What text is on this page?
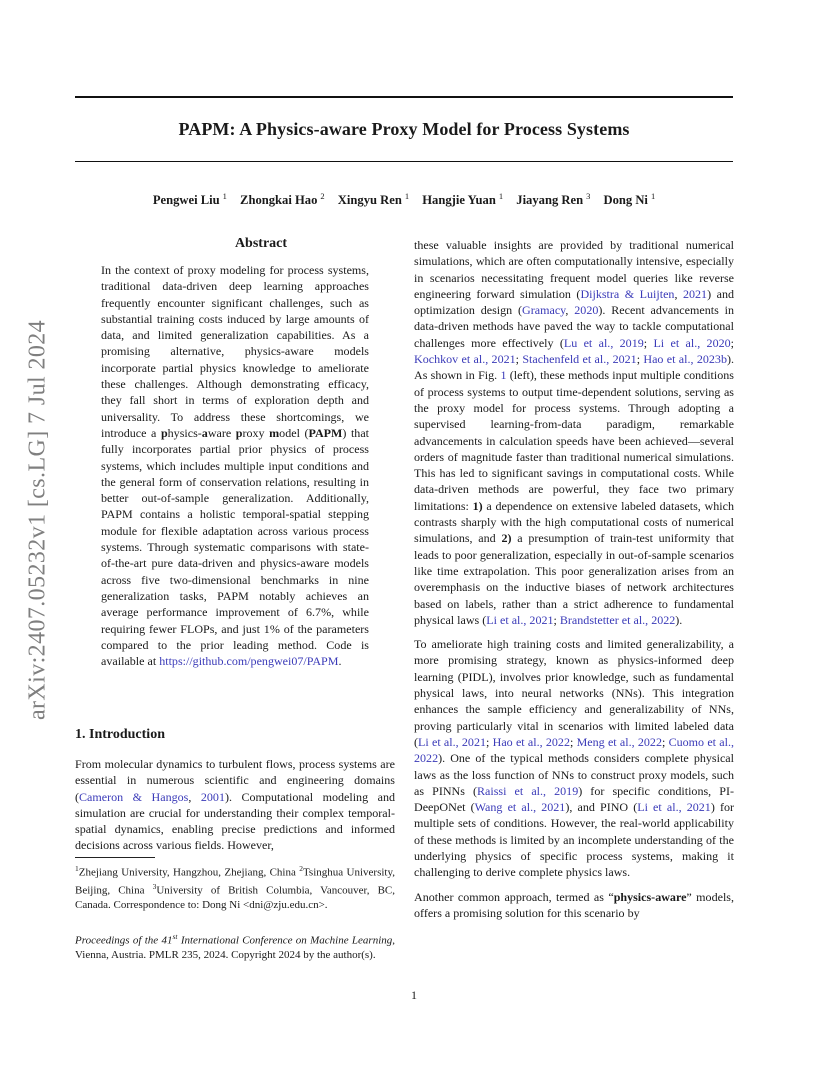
PAPM: A Physics-aware Proxy Model for Process Systems
Pengwei Liu $^1$ Zhongkai Hao $^2$ Xingyu Ren $^1$ Hangjie Yuan $^1$ Jiayang Ren $^3$ Dong Ni $^1$
arXiv:2407.05232v1 [cs.LG] 7 Jul 2024
Abstract
In the context of proxy modeling for process systems, traditional data-driven deep learning approaches frequently encounter significant challenges, such as substantial training costs induced by large amounts of data, and limited generalization capabilities. As a promising alternative, physics-aware models incorporate partial physics knowledge to ameliorate these challenges. Although demonstrating efficacy, they fall short in terms of exploration depth and universality. To address these shortcomings, we introduce a physics-aware proxy model (PAPM) that fully incorporates partial prior physics of process systems, which includes multiple input conditions and the general form of conservation relations, resulting in better out-of-sample generalization. Additionally, PAPM contains a holistic temporal-spatial stepping module for flexible adaptation across various process systems. Through systematic comparisons with state-of-the-art pure data-driven and physics-aware models across five two-dimensional benchmarks in nine generalization tasks, PAPM notably achieves an average performance improvement of 6.7%, while requiring fewer FLOPs, and just 1% of the parameters compared to the prior leading method. Code is available at https://github.com/pengwei07/PAPM.
1. Introduction
From molecular dynamics to turbulent flows, process systems are essential in numerous scientific and engineering domains (Cameron & Hangos, 2001). Computational modeling and simulation are crucial for understanding their complex temporal-spatial dynamics, enabling precise predictions and informed decisions across various fields. However,
$^1$Zhejiang University, Hangzhou, Zhejiang, China $^2$Tsinghua University, Beijing, China $^3$University of British Columbia, Vancouver, BC, Canada. Correspondence to: Dong Ni <dni@zju.edu.cn>.
Proceedings of the 41st International Conference on Machine Learning, Vienna, Austria. PMLR 235, 2024. Copyright 2024 by the author(s).

these valuable insights are provided by traditional numerical simulations, which are often computationally intensive, especially in scenarios necessitating frequent model queries like reverse engineering forward simulation (Dijkstra & Luijten, 2021) and optimization design (Gramacy, 2020). Recent advancements in data-driven methods have paved the way to tackle computational challenges more effectively (Lu et al., 2019; Li et al., 2020; Kochkov et al., 2021; Stachenfeld et al., 2021; Hao et al., 2023b). As shown in Fig. 1 (left), these methods input multiple conditions of process systems to output time-dependent solutions, serving as the proxy model for process systems. Through adopting a supervised learning-from-data paradigm, remarkable advancements in calculation speeds have been achieved—several orders of magnitude faster than traditional numerical simulations. This has led to significant savings in computational costs. While data-driven methods are powerful, they face two primary limitations: 1) a dependence on extensive labeled datasets, which contrasts sharply with the high computational costs of numerical simulations, and 2) a presumption of train-test uniformity that leads to poor generalization, especially in out-of-sample scenarios like time extrapolation. This poor generalization arises from an overemphasis on the inductive biases of network architectures based on labels, rather than a strict adherence to fundamental physical laws (Li et al., 2021; Brandstetter et al., 2022).

To ameliorate high training costs and limited generalizability, a more promising strategy, known as physics-informed deep learning (PIDL), involves prior knowledge, such as fundamental physical laws, into neural networks (NNs). This integration enhances the sample efficiency and generalizability of NNs, proving particularly vital in scenarios with limited labeled data (Li et al., 2021; Hao et al., 2022; Meng et al., 2022; Cuomo et al., 2022). One of the typical methods considers complete physical laws as the loss function of NNs to construct proxy models, such as PINNs (Raissi et al., 2019) for specific conditions, PI-DeepONet (Wang et al., 2021), and PINO (Li et al., 2021) for multiple sets of conditions. However, the real-world applicability of these methods is limited by an incomplete understanding of the underlying physics of specific process systems, making it challenging to derive complete physics laws.

Another common approach, termed as “physics-aware” models, offers a promising solution for this scenario by

1
